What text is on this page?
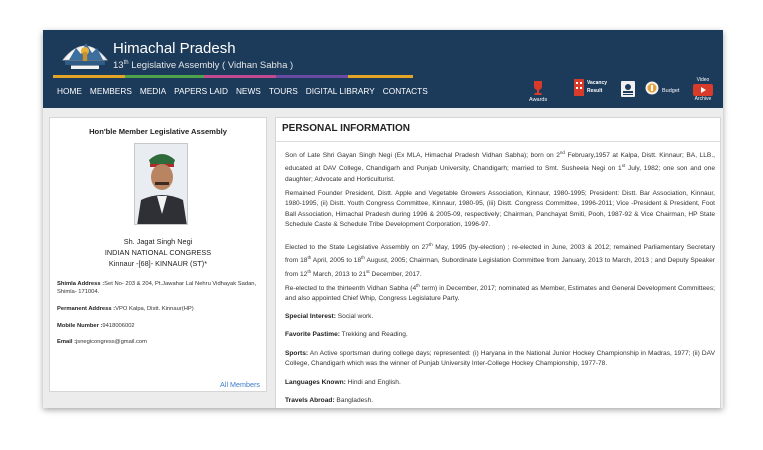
Himachal Pradesh
13th Legislative Assembly ( Vidhan Sabha )
HOME MEMBERS MEDIA PAPERS LAID NEWS TOURS DIGITAL LIBRARY CONTACTS
Awards
Vacancy
Result	Budget
Video
Archive
Hon'ble Member Legislative Assembly
Sh. Jagat Singh Negi
INDIAN NATIONAL CONGRESS
Kinnaur -[68]- KINNAUR (ST)*
Shimla Address :Set No- 203 & 204, Pt.Jawahar Lal Nehru Vidhayak Sadan, Shimla- 171004.
Permanent Address :VPO Kalpa, Distt. Kinnaur(HP)
Mobile Number :9418006002
Email :jsnegicongress@gmail.com
All Members
PERSONAL INFORMATION

Son of Late Shri Gayan Singh Negi (Ex MLA, Himachal Pradesh Vidhan Sabha); born on 2nd February,1957 at Kalpa, Distt. Kinnaur; BA, LLB., educated at DAV College, Chandigarh and Punjab University, Chandigarh; married to Smt. Susheela Negi on 1st July, 1982; one son and one daughter; Advocate and Horticulturist.

Remained Founder President, Distt. Apple and Vegetable Growers Association, Kinnaur, 1980-1995; President: Distt. Bar Association, Kinnaur, 1980-1995, (ii) Distt. Youth Congress Committee, Kinnaur, 1980-95, (iii) Distt. Congress Committee, 1996-2011; Vice -President & President, Foot Ball Association, Himachal Pradesh during 1996 & 2005-09, respectively; Chairman, Panchayat Smiti, Pooh, 1987-92 & Vice Chairman, HP State Schedule Caste & Schedule Tribe Development Corporation, 1996-97.

Elected to the State Legislative Assembly on 27th May, 1995 (by-election) ; re-elected in June, 2003 & 2012; remained Parliamentary Secretary from 18th April, 2005 to 18th August, 2005; Chairman, Subordinate Legislation Committee from January, 2013 to March, 2013 ; and Deputy Speaker from 12th March, 2013 to 21st December, 2017.

Re-elected to the thirteenth Vidhan Sabha (4th term) in December, 2017; nominated as Member, Estimates and General Development Committees; and also appointed Chief Whip, Congress Legislature Party.

Special Interest: Social work.

Favorite Pastime: Trekking and Reading.

Sports: An Active sportsman during college days; represented: (i) Haryana in the National Junior Hockey Championship in Madras, 1977; (ii) DAV College, Chandigarh which was the winner of Punjab University Inter-College Hockey Championship, 1977-78.

Languages Known: Hindi and English.

Travels Abroad: Bangladesh.
